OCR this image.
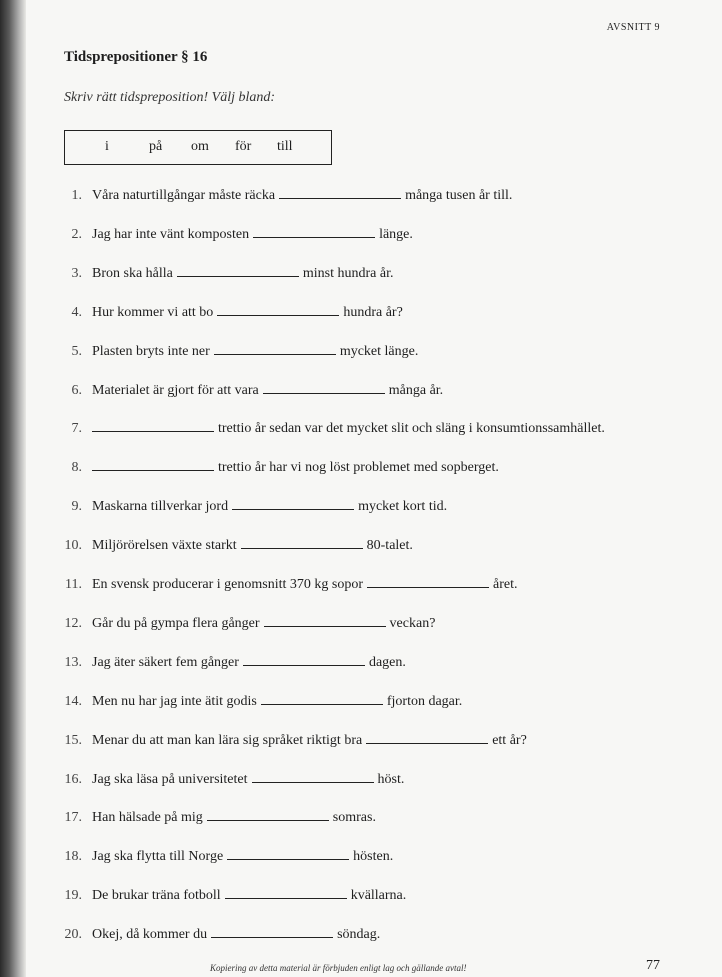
AVSNITT 9
Tidsprepositioner § 16
Skriv rätt tidspreposition! Välj bland:
i	på om för till
1. Våra naturtillgångar måste räcka	många tusen år till.
2. Jag har inte vänt komposten	länge.
3. Bron ska hålla	minst hundra år.
4. Hur kommer vi att bo	hundra år?
5. Plasten bryts inte ner	mycket länge.
6. Materialet är gjort för att vara	många år.
7.	trettio år sedan var det mycket slit och släng i konsumtionssamhället.
8.	trettio år har vi nog löst problemet med sopberget.
9. Maskarna tillverkar jord	mycket kort tid.
10. Miljörörelsen växte starkt	80-talet.
11. En svensk producerar i genomsnitt 370 kg sopor	året.
12. Går du på gympa flera gånger	veckan?
13. Jag äter säkert fem gånger	dagen.
14. Men nu har jag inte ätit godis	fjorton dagar.
15. Menar du att man kan lära sig språket riktigt bra	ett år?
16. Jag ska läsa på universitetet	höst.
17. Han hälsade på mig	somras.
18. Jag ska flytta till Norge	hösten.
19. De brukar träna fotboll	kvällarna.
20. Okej, då kommer du	söndag.
Kopiering av detta material är förbjuden enligt lag och gällande avtal!	77
